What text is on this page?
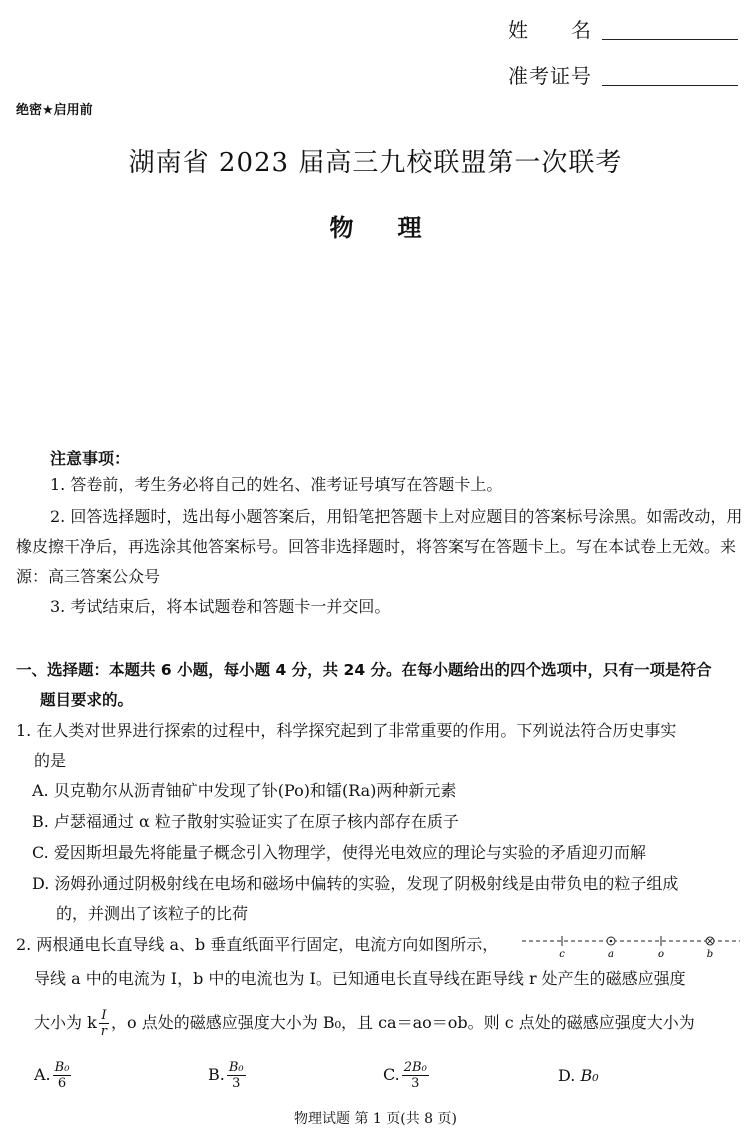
姓　　名
准考证号
绝密★启用前
湖南省 2023 届高三九校联盟第一次联考
物理
注意事项：
1. 答卷前，考生务必将自己的姓名、准考证号填写在答题卡上。
2. 回答选择题时，选出每小题答案后，用铅笔把答题卡上对应题目的答案标号涂黑。如需改动，用橡皮擦干净后，再选涂其他答案标号。回答非选择题时，将答案写在答题卡上。写在本试卷上无效。来源：高三答案公众号
3. 考试结束后，将本试题卷和答题卡一并交回。
一、选择题：本题共 6 小题，每小题 4 分，共 24 分。在每小题给出的四个选项中，只有一项是符合
题目要求的。
1. 在人类对世界进行探索的过程中，科学探究起到了非常重要的作用。下列说法符合历史事实
的是
A. 贝克勒尔从沥青铀矿中发现了钋(Po)和镭(Ra)两种新元素
B. 卢瑟福通过 α 粒子散射实验证实了在原子核内部存在质子
C. 爱因斯坦最先将能量子概念引入物理学，使得光电效应的理论与实验的矛盾迎刃而解
D. 汤姆孙通过阴极射线在电场和磁场中偏转的实验，发现了阴极射线是由带负电的粒子组成
的，并测出了该粒子的比荷
2. 两根通电长直导线 a、b 垂直纸面平行固定，电流方向如图所示，
c	a	o	b
导线 a 中的电流为 I，b 中的电流也为 I。已知通电长直导线在距导线 r 处产生的磁感应强度
大小为 k $\frac{I}{r}$ ，o 点处的磁感应强度大小为 B₀，且 ca＝ao＝ob。则 c 点处的磁感应强度大小为
A. $\frac{\text{B₀}}{6}$	B. $\frac{\text{B₀}}{3}$	C. $\frac{\text{2B₀}}{3}$	D. B₀
物理试题 第 1 页(共 8 页)
